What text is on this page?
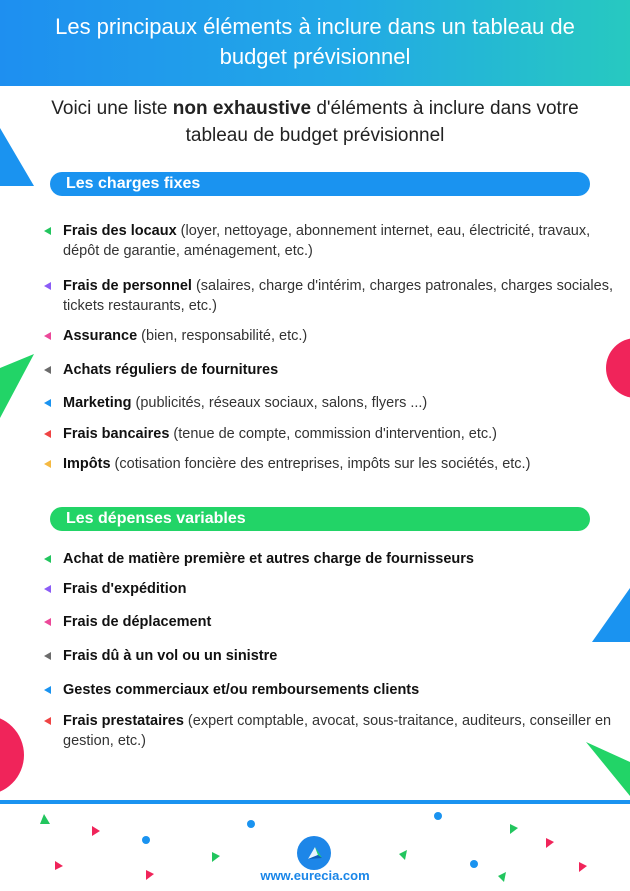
Les principaux éléments à inclure dans un tableau de
budget prévisionnel
Voici une liste non exhaustive d'éléments à inclure dans votre
tableau de budget prévisionnel
Les charges fixes
Frais des locaux (loyer, nettoyage, abonnement internet, eau, électricité, travaux, dépôt de garantie, aménagement, etc.)
Frais de personnel (salaires, charge d'intérim, charges patronales, charges sociales, tickets restaurants, etc.)
Assurance (bien, responsabilité, etc.)
Achats réguliers de fournitures
Marketing (publicités, réseaux sociaux, salons, flyers ...)
Frais bancaires (tenue de compte, commission d'intervention, etc.)
Impôts (cotisation foncière des entreprises, impôts sur les sociétés, etc.)
Les dépenses variables
Achat de matière première et autres charge de fournisseurs
Frais d'expédition
Frais de déplacement
Frais dû à un vol ou un sinistre
Gestes commerciaux et/ou remboursements clients
Frais prestataires (expert comptable, avocat, sous-traitance, auditeurs, conseiller en gestion, etc.)
www.eurecia.com
